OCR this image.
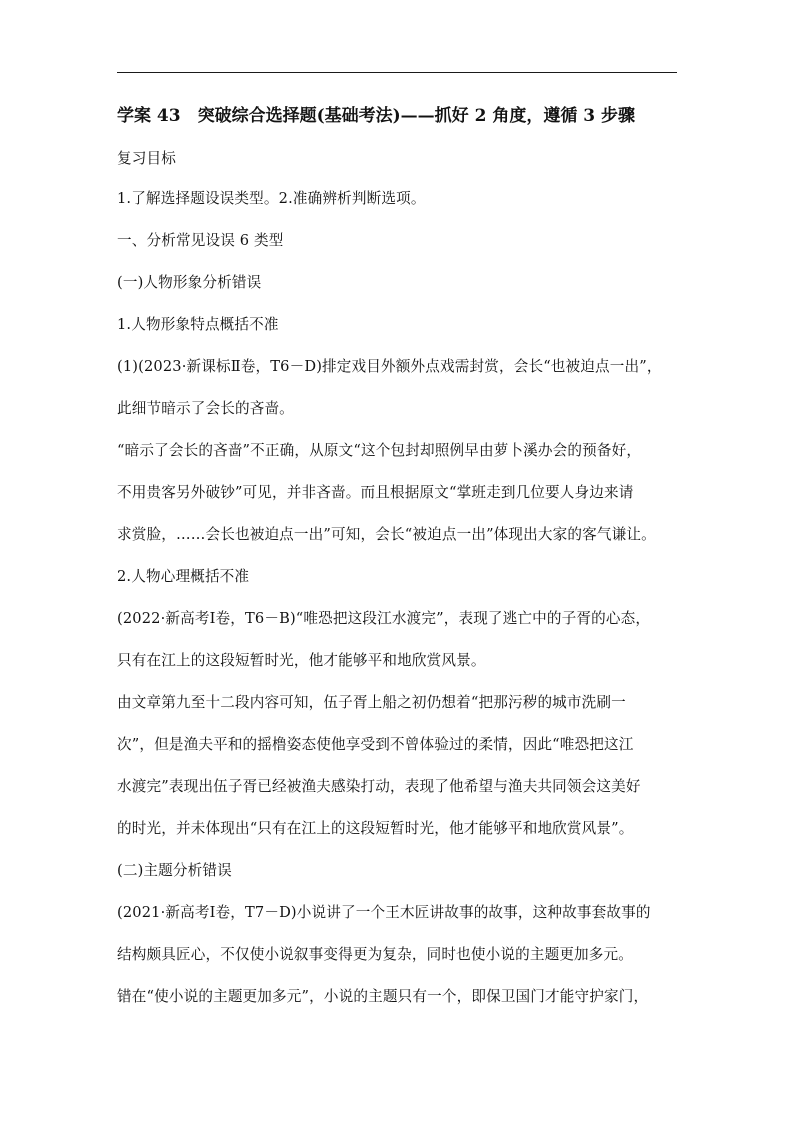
学案 43　突破综合选择题(基础考法)——抓好 2 角度，遵循 3 步骤
复习目标
1.了解选择题设误类型。2.准确辨析判断选项。
一、分析常见设误 6 类型
(一)人物形象分析错误
1.人物形象特点概括不准
(1)(2023·新课标Ⅱ卷，T6－D)排定戏目外额外点戏需封赏，会长“也被迫点一出”，
此细节暗示了会长的吝啬。
“暗示了会长的吝啬”不正确，从原文“这个包封却照例早由萝卜溪办会的预备好，
不用贵客另外破钞”可见，并非吝啬。而且根据原文“掌班走到几位要人身边来请
求赏脸，……会长也被迫点一出”可知，会长“被迫点一出”体现出大家的客气谦让。
2.人物心理概括不准
(2022·新高考Ⅰ卷，T6－B)“唯恐把这段江水渡完”，表现了逃亡中的子胥的心态，
只有在江上的这段短暂时光，他才能够平和地欣赏风景。
由文章第九至十二段内容可知，伍子胥上船之初仍想着“把那污秽的城市洗刷一
次”，但是渔夫平和的摇橹姿态使他享受到不曾体验过的柔情，因此“唯恐把这江
水渡完”表现出伍子胥已经被渔夫感染打动，表现了他希望与渔夫共同领会这美好
的时光，并未体现出“只有在江上的这段短暂时光，他才能够平和地欣赏风景”。
(二)主题分析错误
(2021·新高考Ⅰ卷，T7－D)小说讲了一个王木匠讲故事的故事，这种故事套故事的
结构颇具匠心，不仅使小说叙事变得更为复杂，同时也使小说的主题更加多元。
错在“使小说的主题更加多元”，小说的主题只有一个，即保卫国门才能守护家门，
